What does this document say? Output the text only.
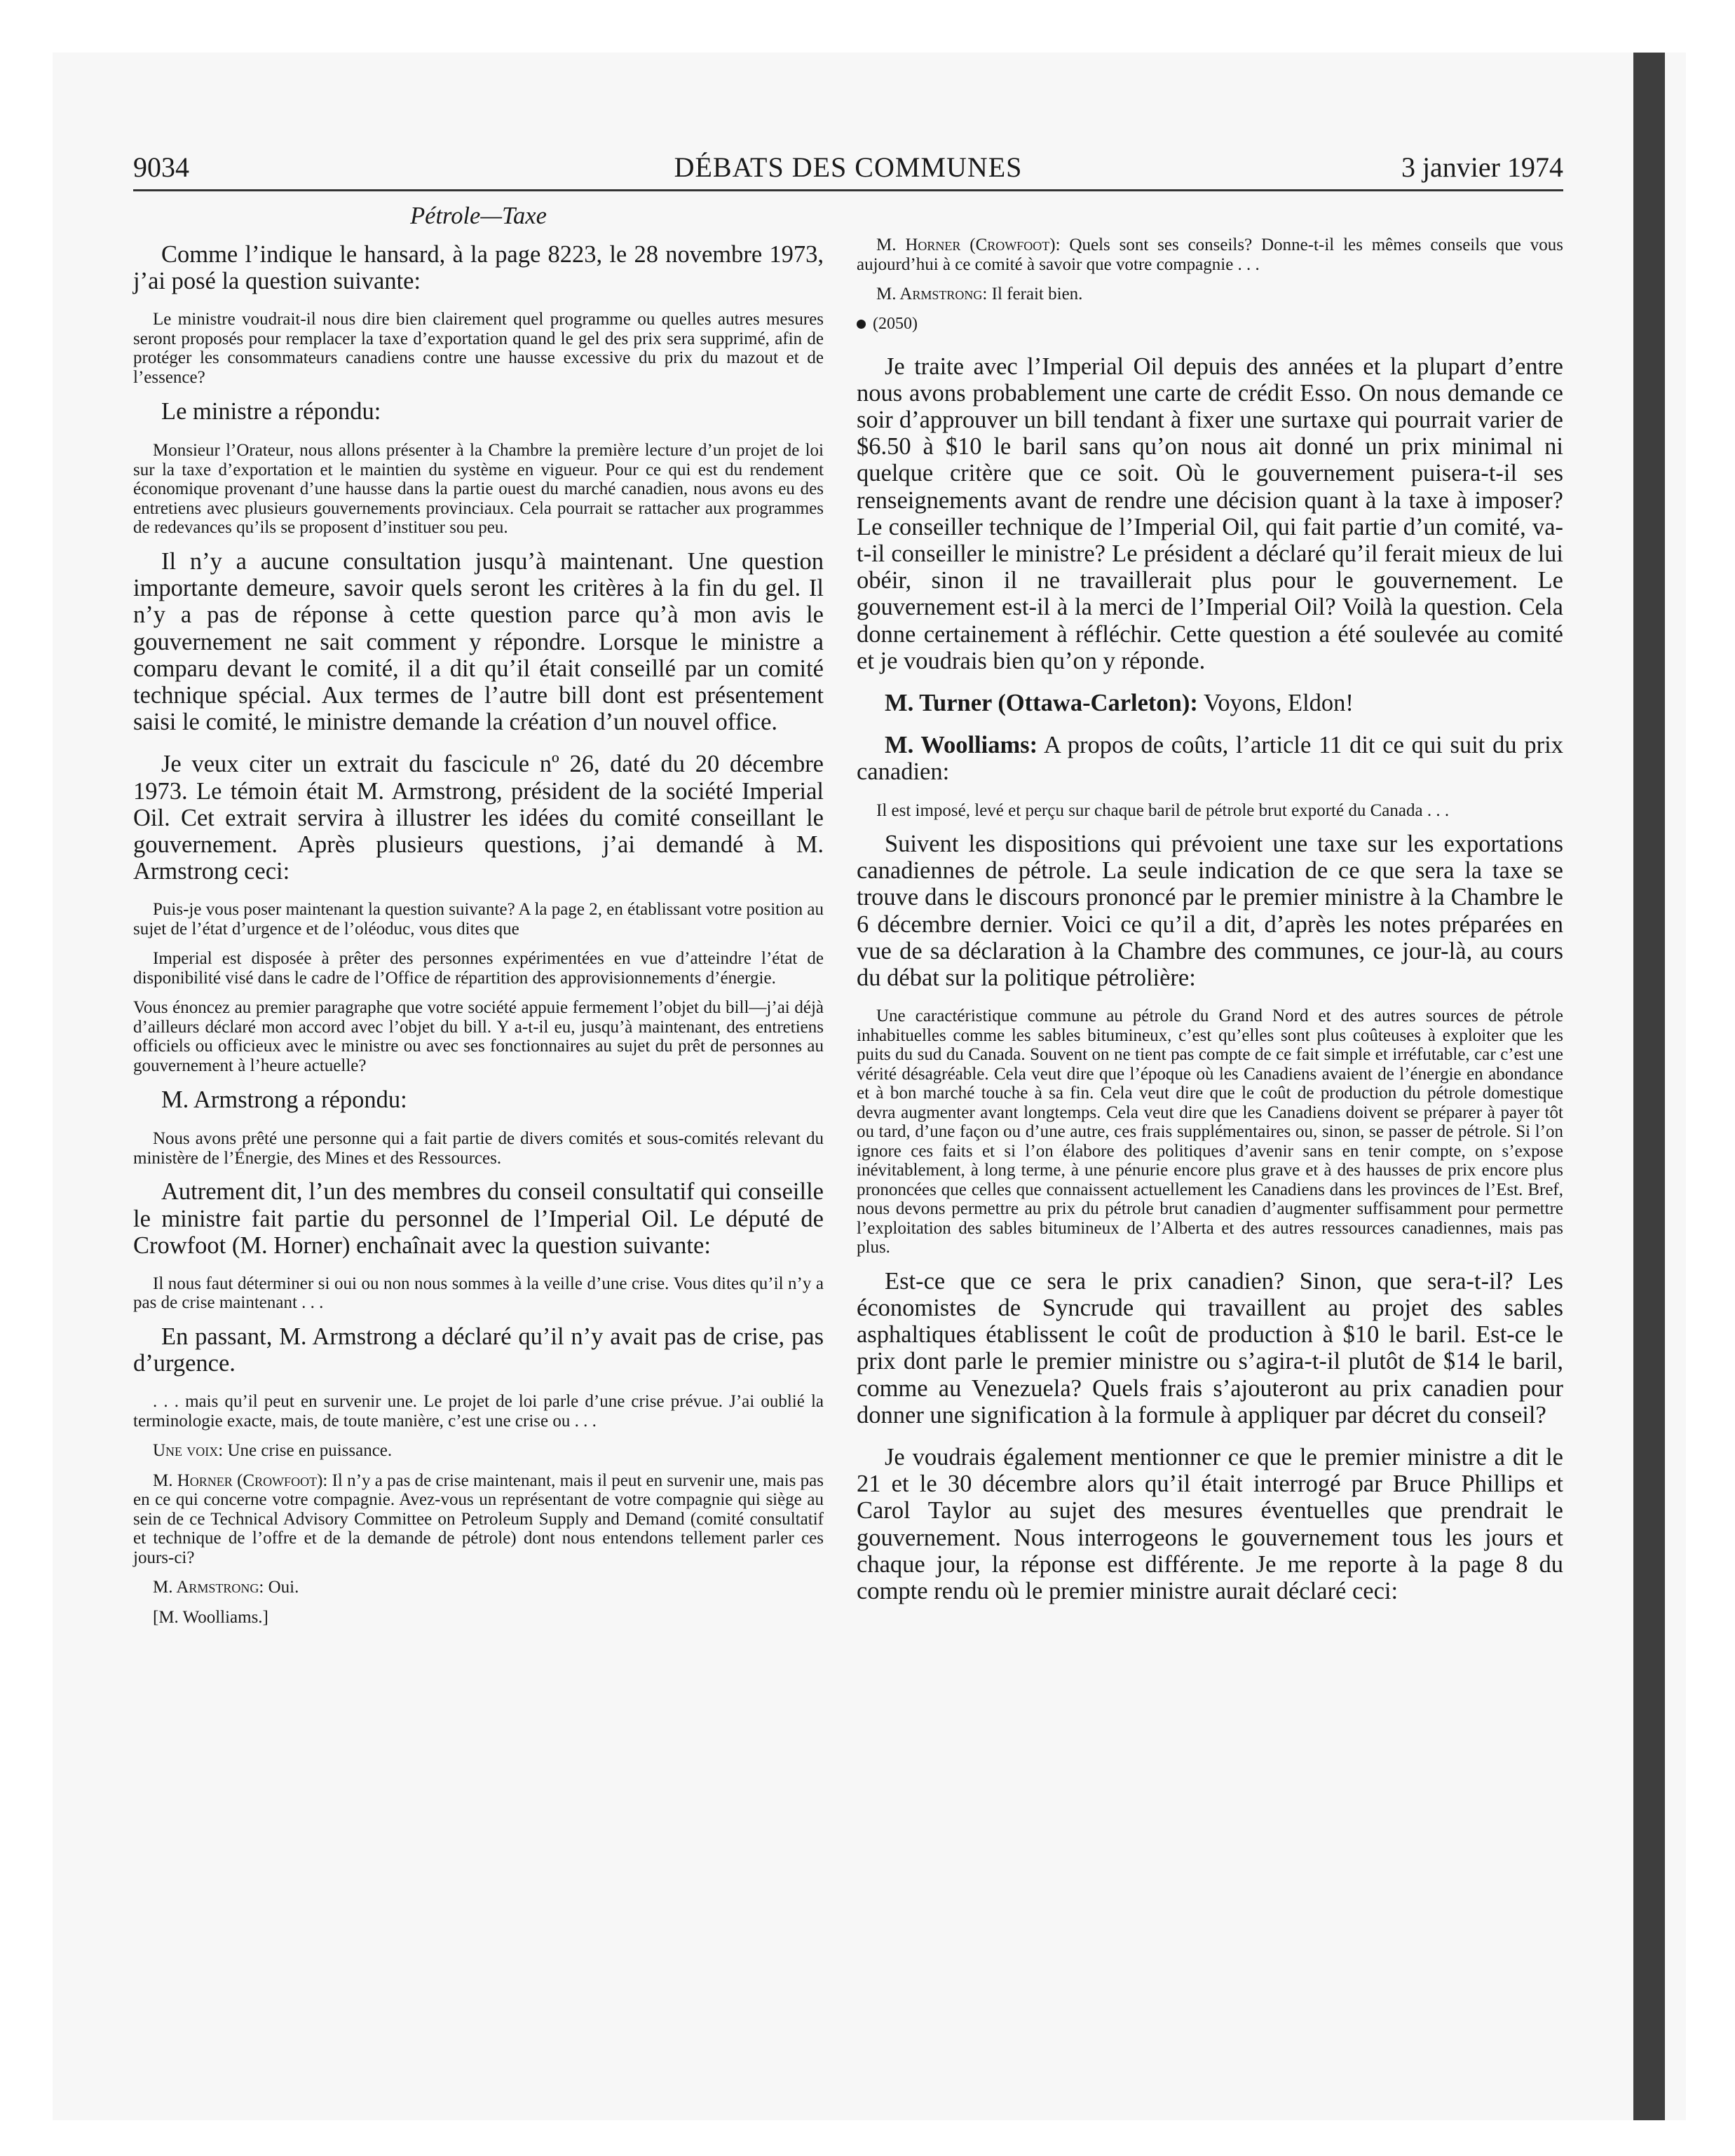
9034	DÉBATS DES COMMUNES	3 janvier 1974

Pétrole—Taxe

Comme l’indique le hansard, à la page 8223, le 28 novembre 1973, j’ai posé la question suivante:

Le ministre voudrait-il nous dire bien clairement quel programme ou quelles autres mesures seront proposés pour remplacer la taxe d’exportation quand le gel des prix sera supprimé, afin de protéger les consommateurs canadiens contre une hausse excessive du prix du mazout et de l’essence?

Le ministre a répondu:

Monsieur l’Orateur, nous allons présenter à la Chambre la première lecture d’un projet de loi sur la taxe d’exportation et le maintien du système en vigueur. Pour ce qui est du rendement économique provenant d’une hausse dans la partie ouest du marché canadien, nous avons eu des entretiens avec plusieurs gouvernements provinciaux. Cela pourrait se rattacher aux programmes de redevances qu’ils se proposent d’instituer sou peu.

Il n’y a aucune consultation jusqu’à maintenant. Une question importante demeure, savoir quels seront les critères à la fin du gel. Il n’y a pas de réponse à cette question parce qu’à mon avis le gouvernement ne sait comment y répondre. Lorsque le ministre a comparu devant le comité, il a dit qu’il était conseillé par un comité technique spécial. Aux termes de l’autre bill dont est présentement saisi le comité, le ministre demande la création d’un nouvel office.

Je veux citer un extrait du fascicule nº 26, daté du 20 décembre 1973. Le témoin était M. Armstrong, président de la société Imperial Oil. Cet extrait servira à illustrer les idées du comité conseillant le gouvernement. Après plusieurs questions, j’ai demandé à M. Armstrong ceci:

Puis-je vous poser maintenant la question suivante? A la page 2, en établissant votre position au sujet de l’état d’urgence et de l’oléoduc, vous dites que

Imperial est disposée à prêter des personnes expérimentées en vue d’atteindre l’état de disponibilité visé dans le cadre de l’Office de répartition des approvisionnements d’énergie.

Vous énoncez au premier paragraphe que votre société appuie fermement l’objet du bill—j’ai déjà d’ailleurs déclaré mon accord avec l’objet du bill. Y a-t-il eu, jusqu’à maintenant, des entretiens officiels ou officieux avec le ministre ou avec ses fonctionnaires au sujet du prêt de personnes au gouvernement à l’heure actuelle?

M. Armstrong a répondu:

Nous avons prêté une personne qui a fait partie de divers comités et sous-comités relevant du ministère de l’Énergie, des Mines et des Ressources.

Autrement dit, l’un des membres du conseil consultatif qui conseille le ministre fait partie du personnel de l’Imperial Oil. Le député de Crowfoot (M. Horner) enchaînait avec la question suivante:

Il nous faut déterminer si oui ou non nous sommes à la veille d’une crise. Vous dites qu’il n’y a pas de crise maintenant . . .

En passant, M. Armstrong a déclaré qu’il n’y avait pas de crise, pas d’urgence.

. . . mais qu’il peut en survenir une. Le projet de loi parle d’une crise prévue. J’ai oublié la terminologie exacte, mais, de toute manière, c’est une crise ou . . .

Une voix: Une crise en puissance.

M. Horner (Crowfoot): Il n’y a pas de crise maintenant, mais il peut en survenir une, mais pas en ce qui concerne votre compagnie. Avez-vous un représentant de votre compagnie qui siège au sein de ce Technical Advisory Committee on Petroleum Supply and Demand (comité consultatif et technique de l’offre et de la demande de pétrole) dont nous entendons tellement parler ces jours-ci?

M. Armstrong: Oui.

[M. Woolliams.]

M. Horner (Crowfoot): Quels sont ses conseils? Donne-t-il les mêmes conseils que vous aujourd’hui à ce comité à savoir que votre compagnie . . .

M. Armstrong: Il ferait bien.

(2050)

Je traite avec l’Imperial Oil depuis des années et la plupart d’entre nous avons probablement une carte de crédit Esso. On nous demande ce soir d’approuver un bill tendant à fixer une surtaxe qui pourrait varier de $6.50 à $10 le baril sans qu’on nous ait donné un prix minimal ni quelque critère que ce soit. Où le gouvernement puisera-t-il ses renseignements avant de rendre une décision quant à la taxe à imposer? Le conseiller technique de l’Imperial Oil, qui fait partie d’un comité, va-t-il conseiller le ministre? Le président a déclaré qu’il ferait mieux de lui obéir, sinon il ne travaillerait plus pour le gouvernement. Le gouvernement est-il à la merci de l’Imperial Oil? Voilà la question. Cela donne certainement à réfléchir. Cette question a été soulevée au comité et je voudrais bien qu’on y réponde.

M. Turner (Ottawa-Carleton): Voyons, Eldon!

M. Woolliams: A propos de coûts, l’article 11 dit ce qui suit du prix canadien:

Il est imposé, levé et perçu sur chaque baril de pétrole brut exporté du Canada . . .

Suivent les dispositions qui prévoient une taxe sur les exportations canadiennes de pétrole. La seule indication de ce que sera la taxe se trouve dans le discours prononcé par le premier ministre à la Chambre le 6 décembre dernier. Voici ce qu’il a dit, d’après les notes préparées en vue de sa déclaration à la Chambre des communes, ce jour-là, au cours du débat sur la politique pétrolière:

Une caractéristique commune au pétrole du Grand Nord et des autres sources de pétrole inhabituelles comme les sables bitumineux, c’est qu’elles sont plus coûteuses à exploiter que les puits du sud du Canada. Souvent on ne tient pas compte de ce fait simple et irréfutable, car c’est une vérité désagréable. Cela veut dire que l’époque où les Canadiens avaient de l’énergie en abondance et à bon marché touche à sa fin. Cela veut dire que le coût de production du pétrole domestique devra augmenter avant longtemps. Cela veut dire que les Canadiens doivent se préparer à payer tôt ou tard, d’une façon ou d’une autre, ces frais supplémentaires ou, sinon, se passer de pétrole. Si l’on ignore ces faits et si l’on élabore des politiques d’avenir sans en tenir compte, on s’expose inévitablement, à long terme, à une pénurie encore plus grave et à des hausses de prix encore plus prononcées que celles que connaissent actuellement les Canadiens dans les provinces de l’Est. Bref, nous devons permettre au prix du pétrole brut canadien d’augmenter suffisamment pour permettre l’exploitation des sables bitumineux de l’Alberta et des autres ressources canadiennes, mais pas plus.

Est-ce que ce sera le prix canadien? Sinon, que sera-t-il? Les économistes de Syncrude qui travaillent au projet des sables asphaltiques établissent le coût de production à $10 le baril. Est-ce le prix dont parle le premier ministre ou s’agira-t-il plutôt de $14 le baril, comme au Venezuela? Quels frais s’ajouteront au prix canadien pour donner une signification à la formule à appliquer par décret du conseil?

Je voudrais également mentionner ce que le premier ministre a dit le 21 et le 30 décembre alors qu’il était interrogé par Bruce Phillips et Carol Taylor au sujet des mesures éventuelles que prendrait le gouvernement. Nous interrogeons le gouvernement tous les jours et chaque jour, la réponse est différente. Je me reporte à la page 8 du compte rendu où le premier ministre aurait déclaré ceci:
